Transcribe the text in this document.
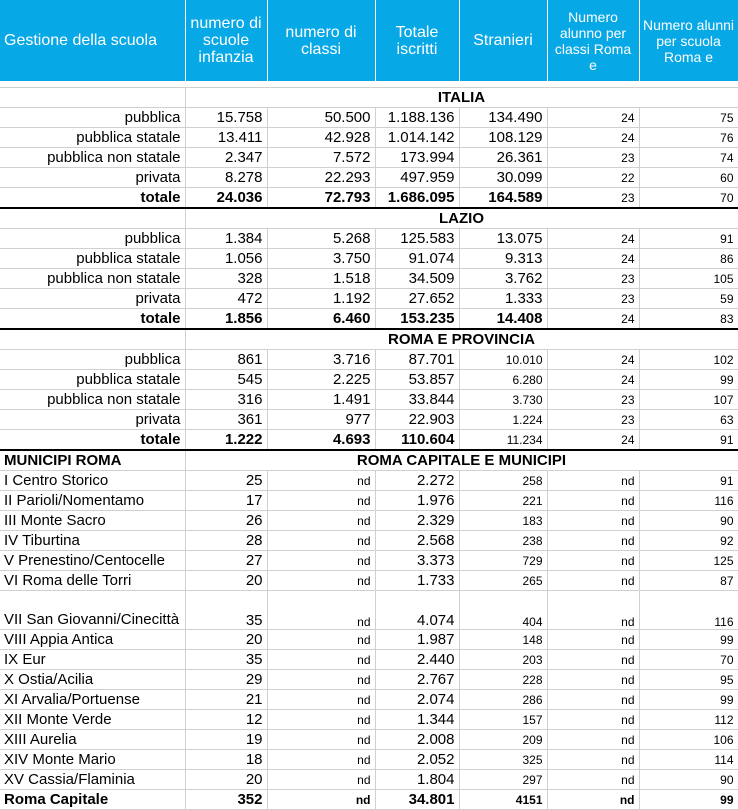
Gestione della scuola	numero di scuole infanzia	numero di classi	Totale iscritti	Stranieri	Numero alunno per classi Roma e	Numero alunni per scuola Roma e

	ITALIA					
pubblica	15.758	50.500	1.188.136	134.490	24	75
pubblica statale	13.411	42.928	1.014.142	108.129	24	76
pubblica non statale	2.347	7.572	173.994	26.361	23	74
privata	8.278	22.293	497.959	30.099	22	60
totale	24.036	72.793	1.686.095	164.589	23	70
	LAZIO					
pubblica	1.384	5.268	125.583	13.075	24	91
pubblica statale	1.056	3.750	91.074	9.313	24	86
pubblica non statale	328	1.518	34.509	3.762	23	105
privata	472	1.192	27.652	1.333	23	59
totale	1.856	6.460	153.235	14.408	24	83
	ROMA E PROVINCIA					
pubblica	861	3.716	87.701	10.010	24	102
pubblica statale	545	2.225	53.857	6.280	24	99
pubblica non statale	316	1.491	33.844	3.730	23	107
privata	361	977	22.903	1.224	23	63
totale	1.222	4.693	110.604	11.234	24	91
MUNICIPI ROMA	ROMA CAPITALE E MUNICIPI					
I Centro Storico	25	nd	2.272	258	nd	91
II Parioli/Nomentamo	17	nd	1.976	221	nd	116
III Monte Sacro	26	nd	2.329	183	nd	90
IV Tiburtina	28	nd	2.568	238	nd	92
V Prenestino/Centocelle	27	nd	3.373	729	nd	125
VI Roma delle Torri	20	nd	1.733	265	nd	87
VII San Giovanni/Cinecittà	35	nd	4.074	404	nd	116
VIII Appia Antica	20	nd	1.987	148	nd	99
IX Eur	35	nd	2.440	203	nd	70
X Ostia/Acilia	29	nd	2.767	228	nd	95
XI Arvalia/Portuense	21	nd	2.074	286	nd	99
XII Monte Verde	12	nd	1.344	157	nd	112
XIII Aurelia	19	nd	2.008	209	nd	106
XIV Monte Mario	18	nd	2.052	325	nd	114
XV Cassia/Flaminia	20	nd	1.804	297	nd	90
Roma Capitale	352	nd	34.801	4151	nd	99
